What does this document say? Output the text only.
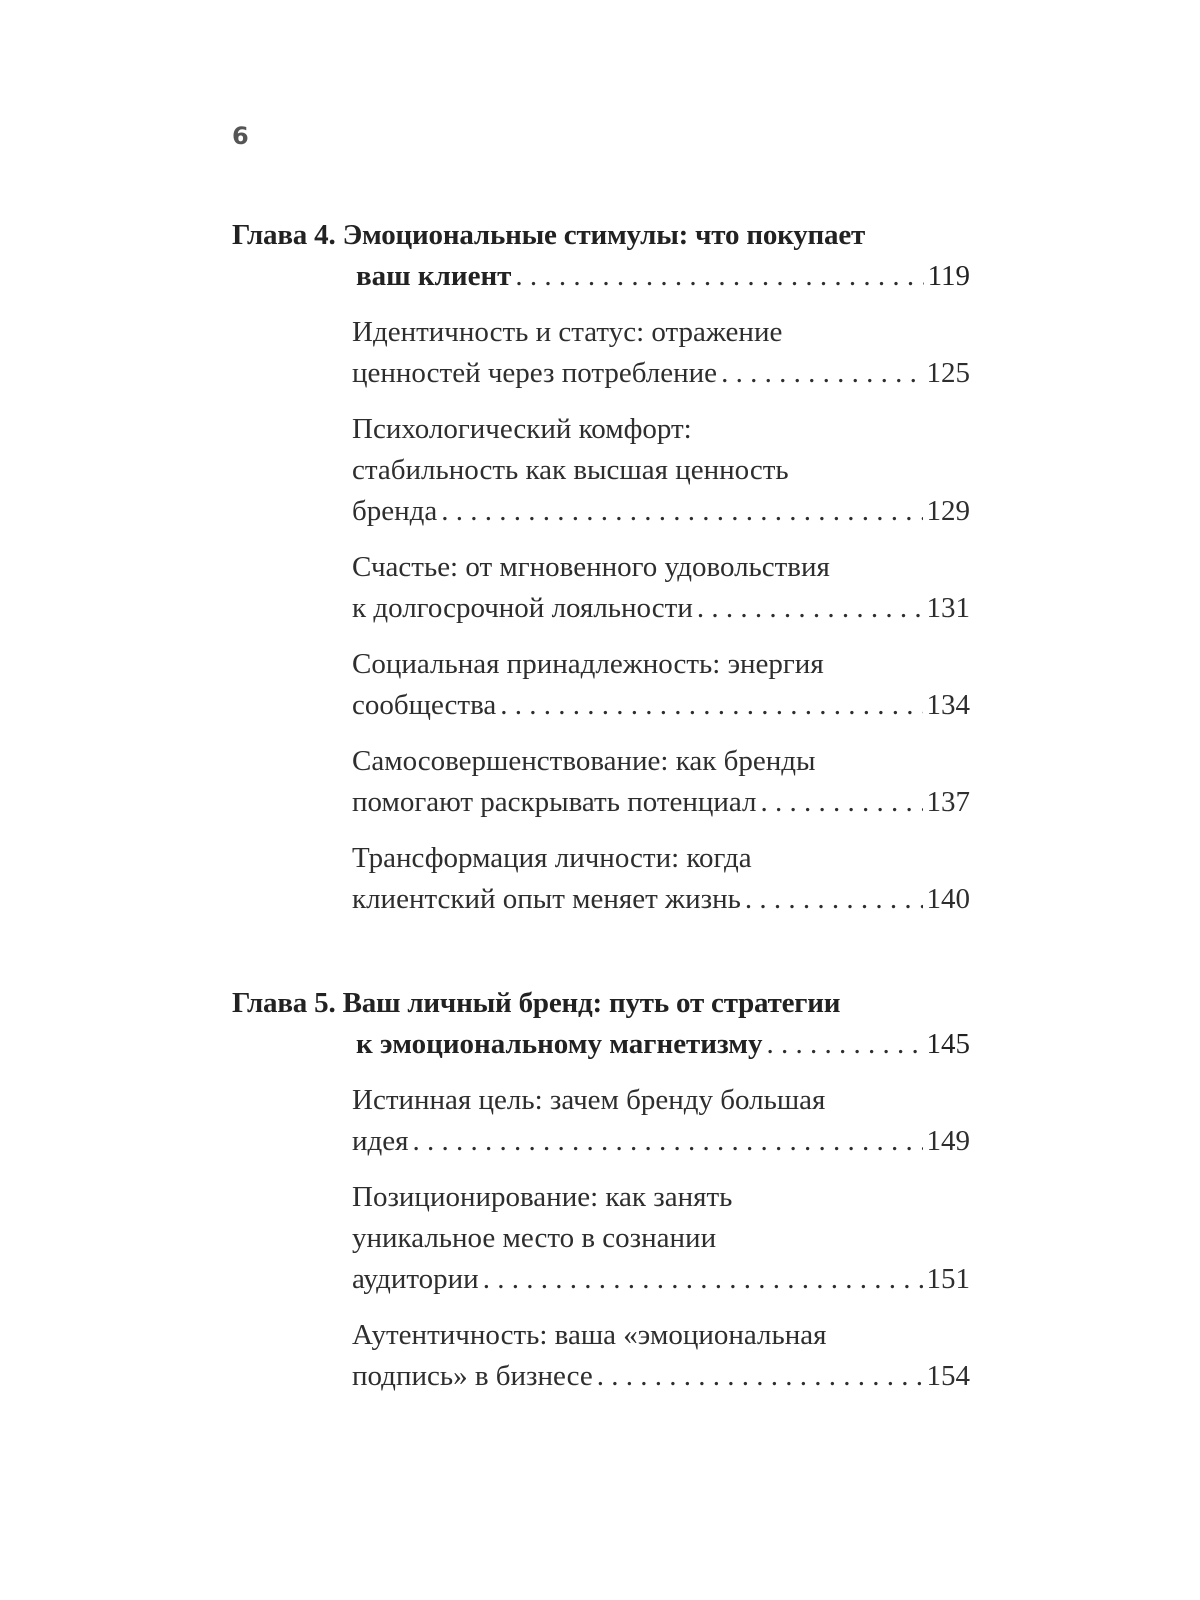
6
Глава 4. Эмоциональные стимулы: что покупает
ваш клиент . . .	119
Идентичность и статус: отражение
ценностей через потребление . . .	125
Психологический комфорт:
стабильность как высшая ценность
бренда . . .	129
Счастье: от мгновенного удовольствия
к долгосрочной лояльности . . .	131
Социальная принадлежность: энергия
сообщества . . .	134
Самосовершенствование: как бренды
помогают раскрывать потенциал . . .	137
Трансформация личности: когда
клиентский опыт меняет жизнь . . .	140
Глава 5. Ваш личный бренд: путь от стратегии
к эмоциональному магнетизму . . .	145
Истинная цель: зачем бренду большая
идея . . .	149
Позиционирование: как занять
уникальное место в сознании
аудитории . . .	151
Аутентичность: ваша «эмоциональная
подпись» в бизнесе . . .	154
